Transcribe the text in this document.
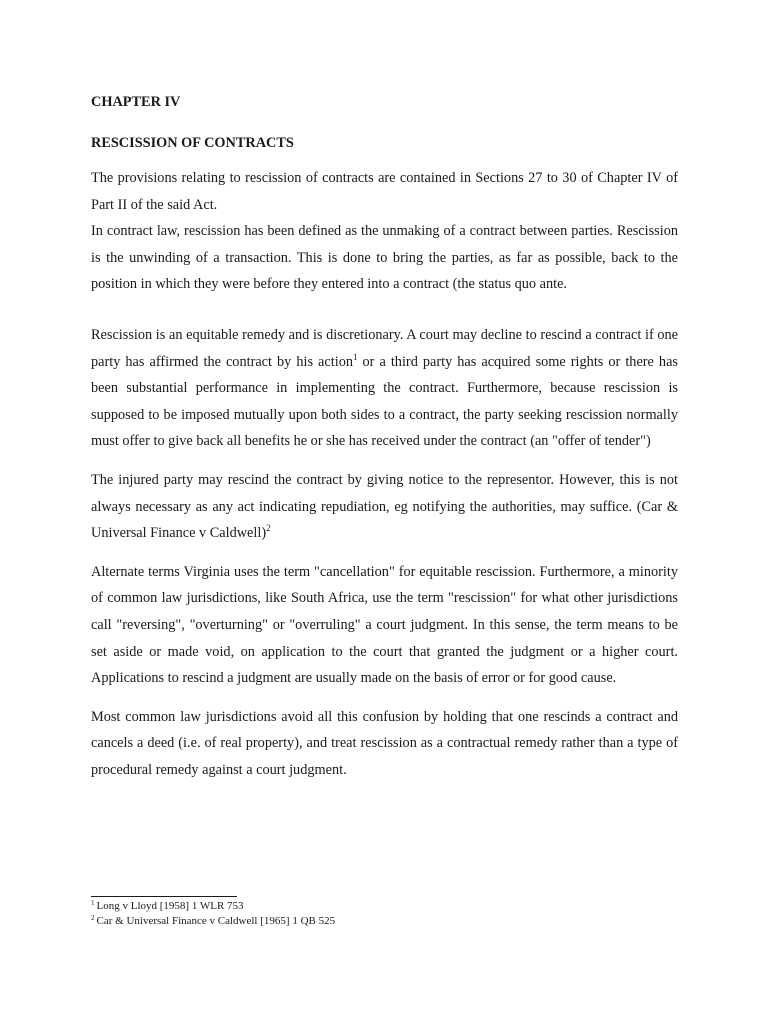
CHAPTER IV
RESCISSION OF CONTRACTS

The provisions relating to rescission of contracts are contained in Sections 27 to 30 of Chapter IV of Part II of the said Act.

In contract law, rescission has been defined as the unmaking of a contract between parties. Rescission is the unwinding of a transaction. This is done to bring the parties, as far as possible, back to the position in which they were before they entered into a contract (the status quo ante.

Rescission is an equitable remedy and is discretionary. A court may decline to rescind a contract if one party has affirmed the contract by his action$^1$ or a third party has acquired some rights or there has been substantial performance in implementing the contract. Furthermore, because rescission is supposed to be imposed mutually upon both sides to a contract, the party seeking rescission normally must offer to give back all benefits he or she has received under the contract (an "offer of tender")

The injured party may rescind the contract by giving notice to the representor. However, this is not always necessary as any act indicating repudiation, eg notifying the authorities, may suffice. (Car & Universal Finance v Caldwell)$^2$

Alternate terms Virginia uses the term "cancellation" for equitable rescission. Furthermore, a minority of common law jurisdictions, like South Africa, use the term "rescission" for what other jurisdictions call "reversing", "overturning" or "overruling" a court judgment. In this sense, the term means to be set aside or made void, on application to the court that granted the judgment or a higher court. Applications to rescind a judgment are usually made on the basis of error or for good cause.

Most common law jurisdictions avoid all this confusion by holding that one rescinds a contract and cancels a deed (i.e. of real property), and treat rescission as a contractual remedy rather than a type of procedural remedy against a court judgment.

$^1$ Long v Lloyd [1958] 1 WLR 753
$^2$ Car & Universal Finance v Caldwell [1965] 1 QB 525
